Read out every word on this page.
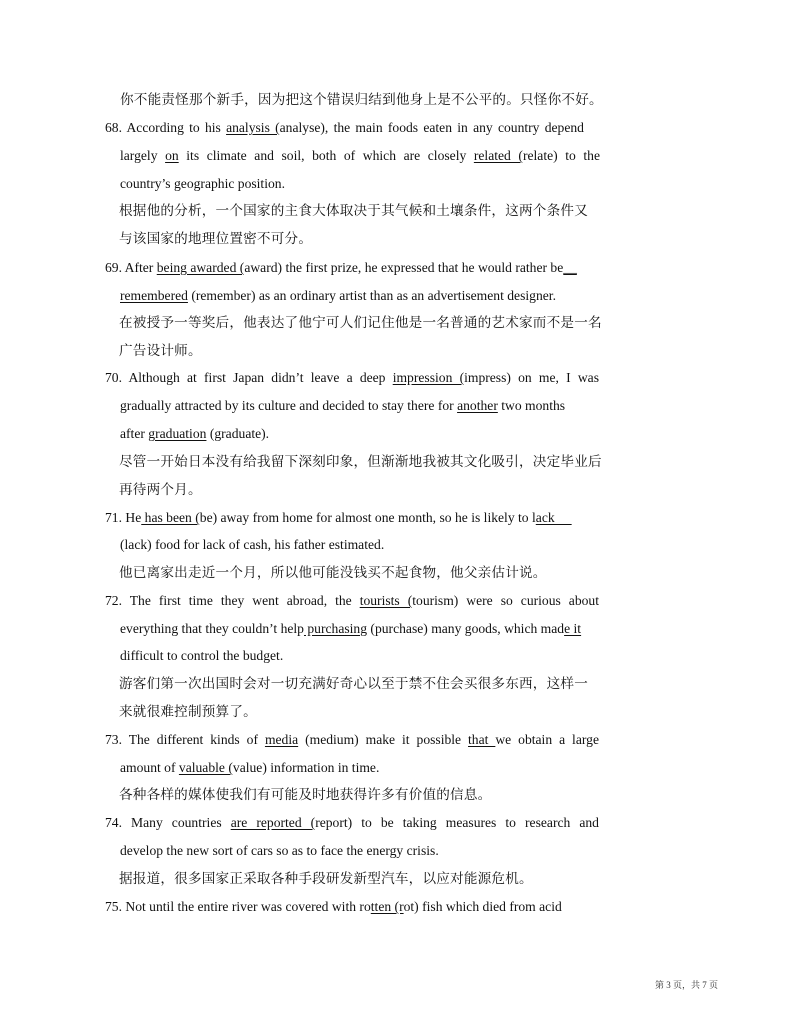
你不能责怪那个新手，因为把这个错误归结到他身上是不公平的。只怪你不好。
68. According to his analysis (analyse), the main foods eaten in any country depend
largely on its climate and soil, both of which are closely related (relate) to the
country’s geographic position.
根据他的分析，一个国家的主食大体取决于其气候和土壤条件，这两个条件又
与该国家的地理位置密不可分。
69. After being awarded (award) the first prize, he expressed that he would rather be__
remembered (remember) as an ordinary artist than as an advertisement designer.
在被授予一等奖后，他表达了他宁可人们记住他是一名普通的艺术家而不是一名
广告设计师。
70. Although at first Japan didn’t leave a deep impression (impress) on me, I was
gradually attracted by its culture and decided to stay there for another two months
after graduation (graduate).
尽管一开始日本没有给我留下深刻印象，但渐渐地我被其文化吸引，决定毕业后
再待两个月。
71. He has been (be) away from home for almost one month, so he is likely to lack
(lack) food for lack of cash, his father estimated.
他已离家出走近一个月，所以他可能没钱买不起食物，他父亲估计说。
72. The first time they went abroad, the tourists (tourism) were so curious about
everything that they couldn’t help purchasing (purchase) many goods, which made it
difficult to control the budget.
游客们第一次出国时会对一切充满好奇心以至于禁不住会买很多东西，这样一
来就很难控制预算了。
73. The different kinds of media (medium) make it possible that we obtain a large
amount of valuable (value) information in time.
各种各样的媒体使我们有可能及时地获得许多有价值的信息。
74. Many countries are reported (report) to be taking measures to research and
develop the new sort of cars so as to face the energy crisis.
据报道，很多国家正采取各种手段研发新型汽车，以应对能源危机。
75. Not until the entire river was covered with rotten (rot) fish which died from acid
第 3 页，共 7 页
